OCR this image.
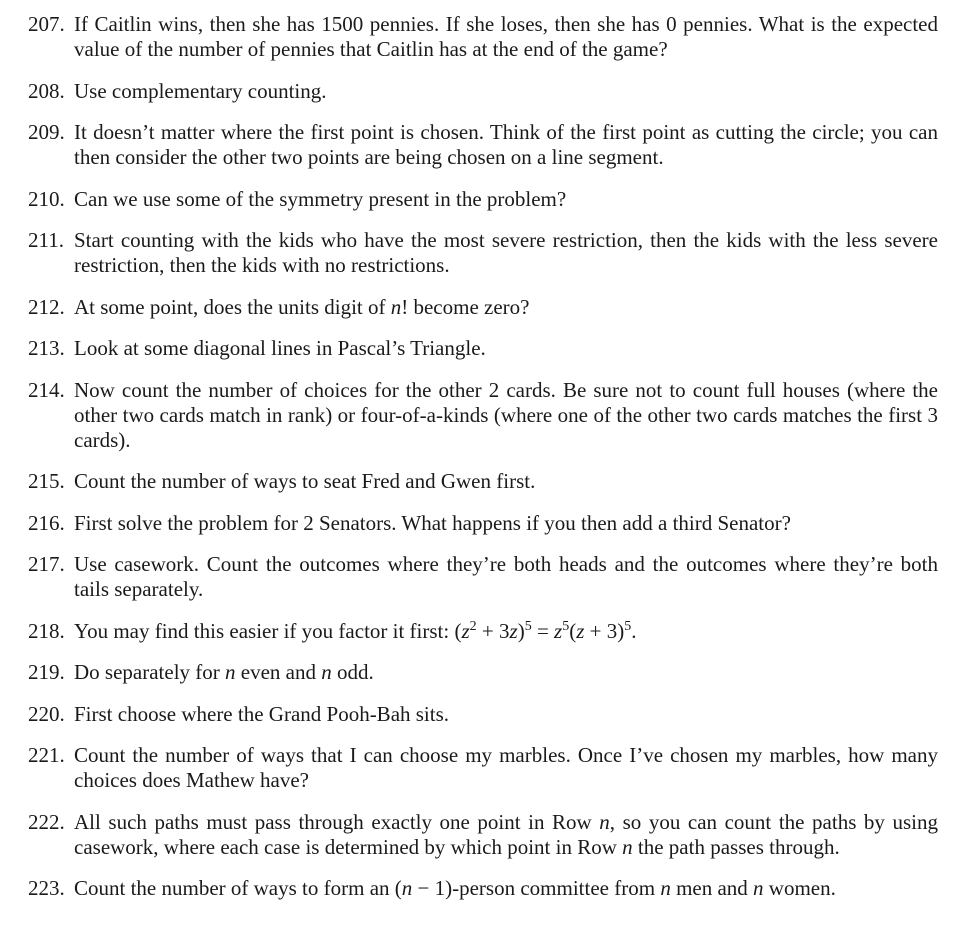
207. If Caitlin wins, then she has 1500 pennies. If she loses, then she has 0 pennies. What is the expected value of the number of pennies that Caitlin has at the end of the game?
208. Use complementary counting.
209. It doesn’t matter where the first point is chosen. Think of the first point as cutting the circle; you can then consider the other two points are being chosen on a line segment.
210. Can we use some of the symmetry present in the problem?
211. Start counting with the kids who have the most severe restriction, then the kids with the less severe restriction, then the kids with no restrictions.
212. At some point, does the units digit of n! become zero?
213. Look at some diagonal lines in Pascal’s Triangle.
214. Now count the number of choices for the other 2 cards. Be sure not to count full houses (where the other two cards match in rank) or four-of-a-kinds (where one of the other two cards matches the first 3 cards).
215. Count the number of ways to seat Fred and Gwen first.
216. First solve the problem for 2 Senators. What happens if you then add a third Senator?
217. Use casework. Count the outcomes where they’re both heads and the outcomes where they’re both tails separately.
218. You may find this easier if you factor it first: $(z^2 + 3z)^5 = z^5(z + 3)^5$.
219. Do separately for n even and n odd.
220. First choose where the Grand Pooh-Bah sits.
221. Count the number of ways that I can choose my marbles. Once I’ve chosen my marbles, how many choices does Mathew have?
222. All such paths must pass through exactly one point in Row n, so you can count the paths by using casework, where each case is determined by which point in Row n the path passes through.
223. Count the number of ways to form an (n − 1)-person committee from n men and n women.
